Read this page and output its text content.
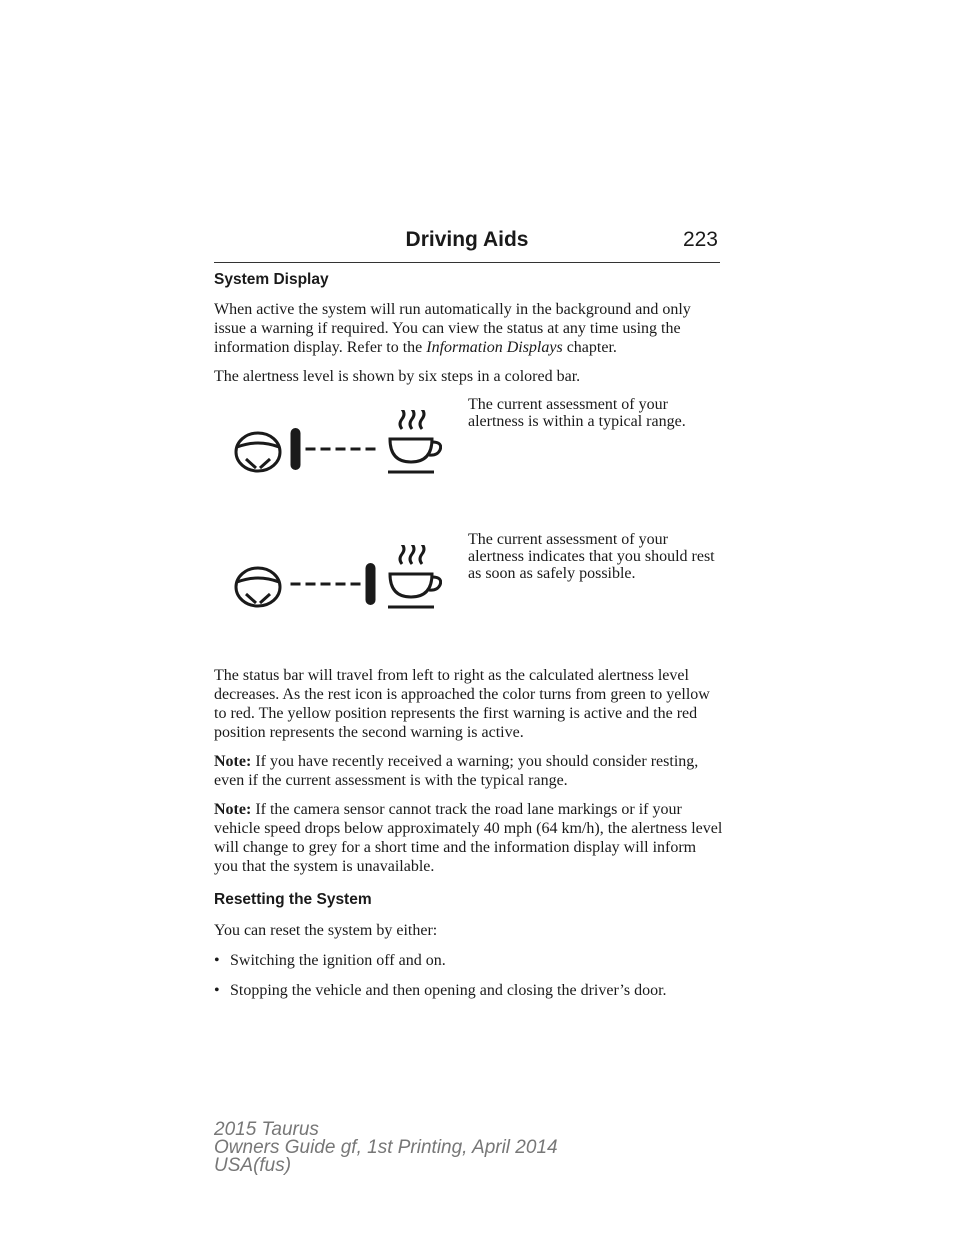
Driving Aids	223
System Display

When active the system will run automatically in the background and only issue a warning if required. You can view the status at any time using the information display. Refer to the Information Displays chapter.

The alertness level is shown by six steps in a colored bar.

The current assessment of your alertness is within a typical range.
The current assessment of your alertness indicates that you should rest as soon as safely possible.

The status bar will travel from left to right as the calculated alertness level decreases. As the rest icon is approached the color turns from green to yellow to red. The yellow position represents the first warning is active and the red position represents the second warning is active.

Note: If you have recently received a warning; you should consider resting, even if the current assessment is with the typical range.

Note: If the camera sensor cannot track the road lane markings or if your vehicle speed drops below approximately 40 mph (64 km/h), the alertness level will change to grey for a short time and the information display will inform you that the system is unavailable.

Resetting the System

You can reset the system by either:

• Switching the ignition off and on.
• Stopping the vehicle and then opening and closing the driver’s door.
2015 Taurus
Owners Guide gf, 1st Printing, April 2014
USA(fus)
